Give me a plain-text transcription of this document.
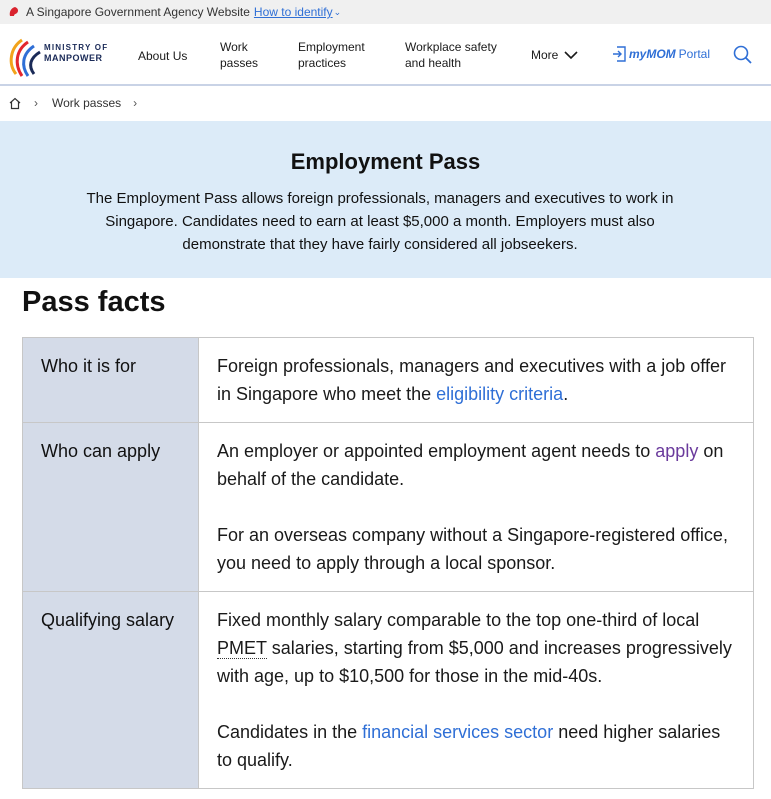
A Singapore Government Agency Website How to identify ⌄
MINISTRY OF
MANPOWER	About Us
Work
passes
Employment
practices
Workplace safety
and health
More	myMOM Portal
› Work passes ›
Employment Pass

The Employment Pass allows foreign professionals, managers and executives to work in Singapore. Candidates need to earn at least $5,000 a month. Employers must also demonstrate that they have fairly considered all jobseekers.

Pass facts
Who it is for	Foreign professionals, managers and executives with a job offer in Singapore who meet the eligibility criteria.
Who can apply	An employer or appointed employment agent needs to apply on behalf of the candidate.

For an overseas company without a Singapore-registered office, you need to apply through a local sponsor.

Qualifying salary	Fixed monthly salary comparable to the top one-third of local PMET salaries, starting from $5,000 and increases progressively with age, up to $10,500 for those in the mid-40s.

Candidates in the financial services sector need higher salaries to qualify.
